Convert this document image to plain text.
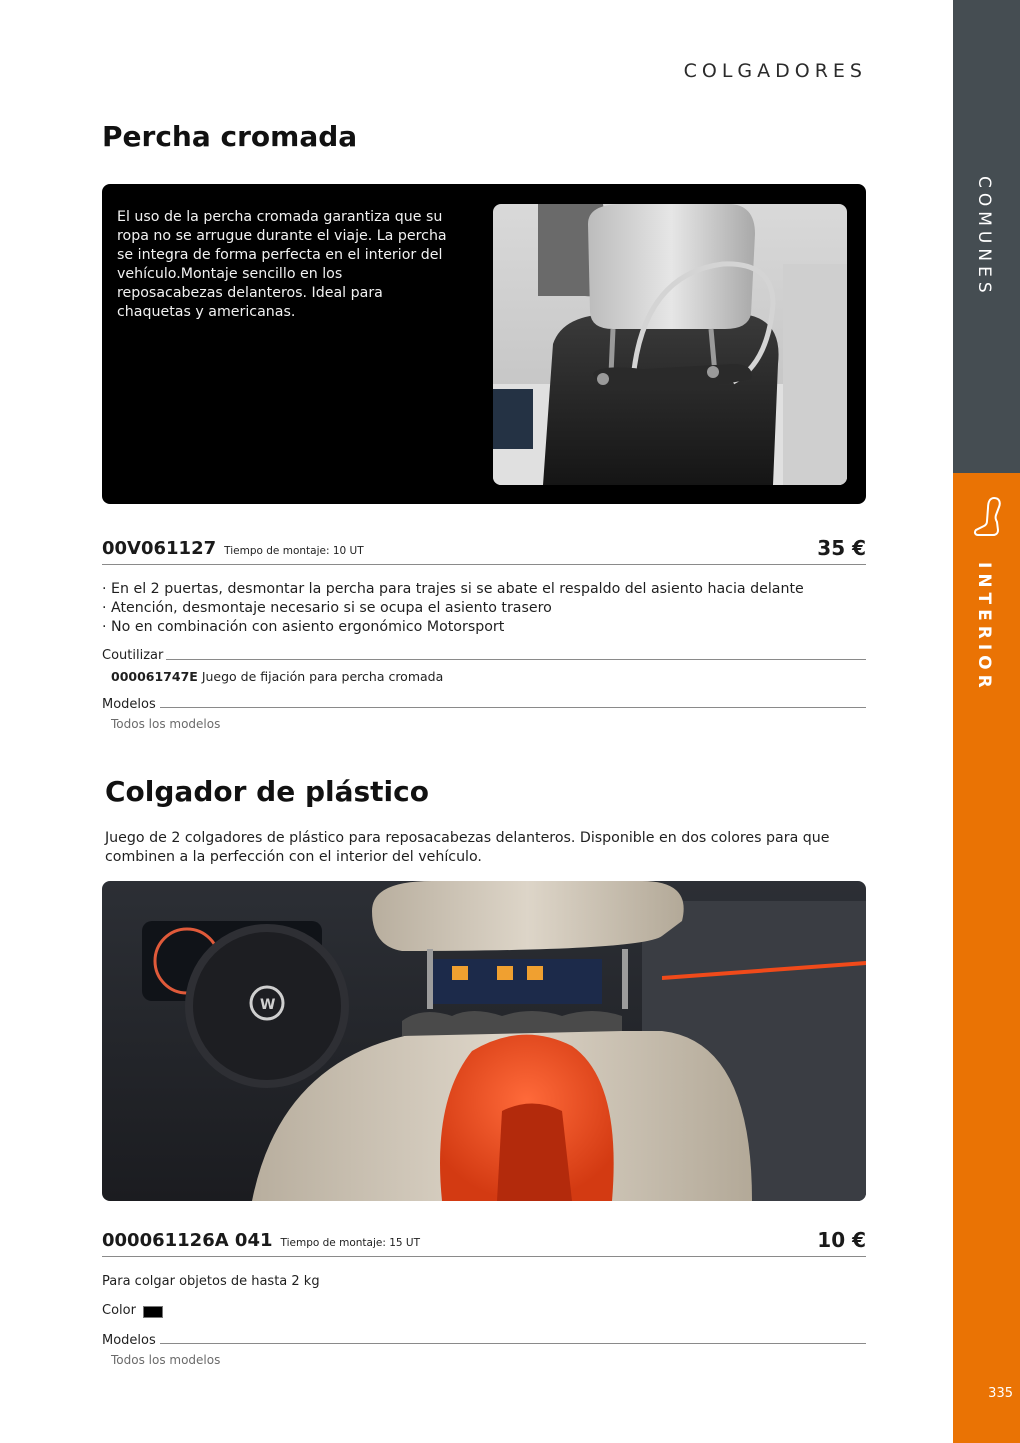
COMUNES
INTERIOR
335
COLGADORES
Percha cromada
El uso de la percha cromada garantiza que su ropa no se arrugue durante el viaje. La percha se integra de forma perfecta en el interior del vehículo.Montaje sencillo en los reposacabezas delanteros. Ideal para chaquetas y americanas.
00V061127 Tiempo de montaje: 10 UT	35 €
· En el 2 puertas, desmontar la percha para trajes si se abate el respaldo del asiento hacia delante
· Atención, desmontaje necesario si se ocupa el asiento trasero
· No en combinación con asiento ergonómico Motorsport
Coutilizar
000061747E Juego de fijación para percha cromada
Modelos
Todos los modelos
Colgador de plástico
Juego de 2 colgadores de plástico para reposacabezas delanteros. Disponible en dos colores para que combinen a la perfección con el interior del vehículo.
W
000061126A 041 Tiempo de montaje: 15 UT	10 €
Para colgar objetos de hasta 2 kg
Color
Modelos
Todos los modelos
